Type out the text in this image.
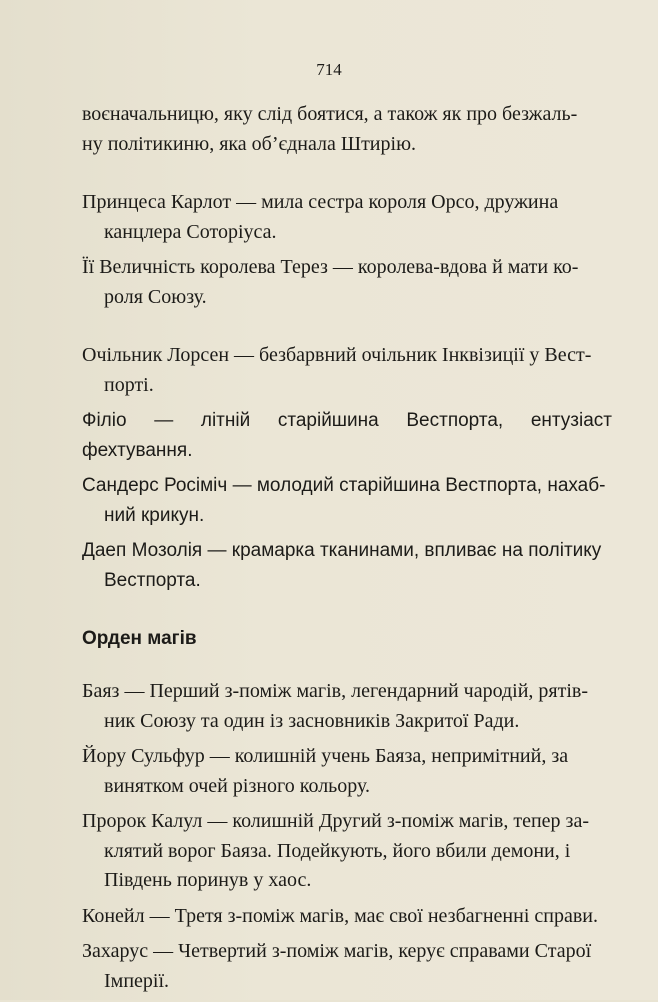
714

воєначальницю, яку слід боятися, а також як про безжаль-
ну політикиню, яка об’єднала Штирію.

Принцеса Карлот — мила сестра короля Орсо, дружина
канцлера Соторіуса.

Її Величність королева Терез — королева-вдова й мати ко-
роля Союзу.

Очільник Лорсен — безбарвний очільник Інквізиції у Вест-
порті.

Філіо — літній старійшина Вестпорта, ентузіаст фехтування.

Сандерс Росіміч — молодий старійшина Вестпорта, нахаб-
ний крикун.

Даеп Мозолія — крамарка тканинами, впливає на політику
Вестпорта.

Орден магів

Баяз — Перший з-поміж магів, легендарний чародій, рятів-
ник Союзу та один із засновників Закритої Ради.

Йору Сульфур — колишній учень Баяза, непримітний, за
винятком очей різного кольору.

Пророк Калул — колишній Другий з-поміж магів, тепер за-
клятий ворог Баяза. Подейкують, його вбили демони, і
Південь поринув у хаос.

Конейл — Третя з-поміж магів, має свої незбагненні справи.

Захарус — Четвертий з-поміж магів, керує справами Старої
Імперії.
